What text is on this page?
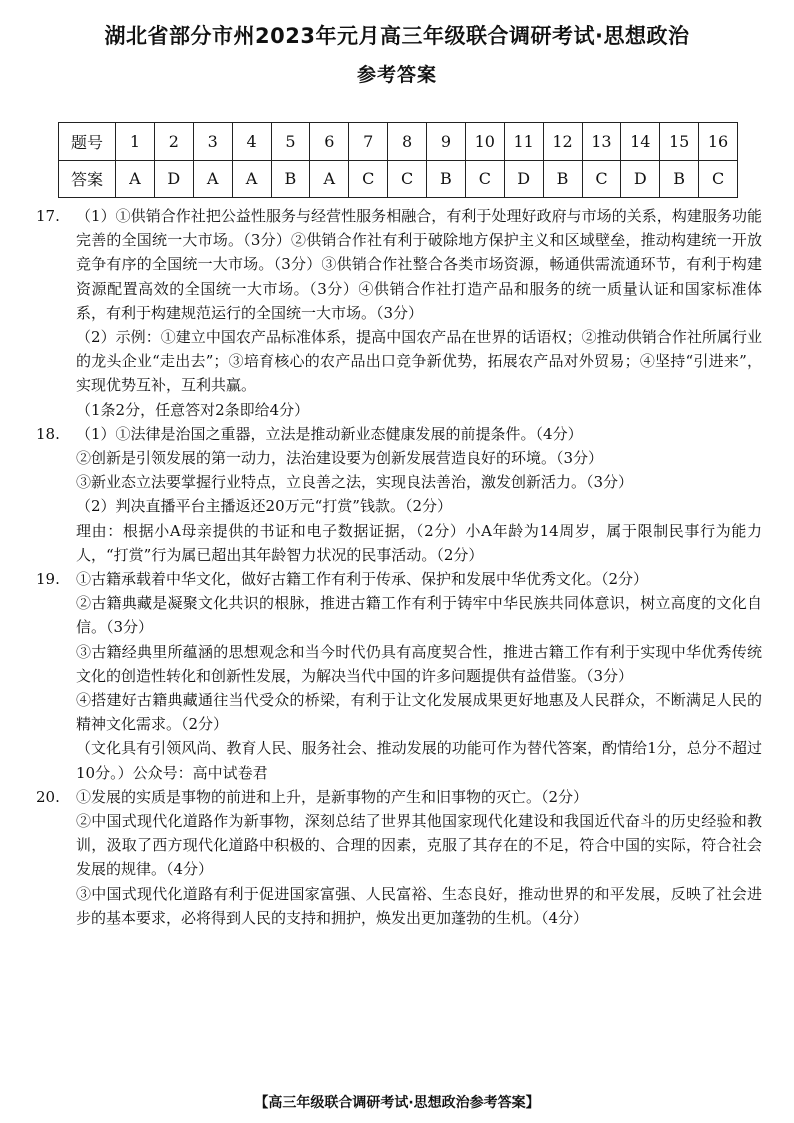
湖北省部分市州2023年元月高三年级联合调研考试·思想政治
参考答案
题号	1	2	3	4	5	6	7	8	9	10	11	12	13	14	15	16
答案	A	D	A	A	B	A	C	C	B	C	D	B	C	D	B	C
17.	（1）①供销合作社把公益性服务与经营性服务相融合，有利于处理好政府与市场的关系，构建服务功能完善的全国统一大市场。（3分）②供销合作社有利于破除地方保护主义和区域壁垒，推动构建统一开放竞争有序的全国统一大市场。（3分）③供销合作社整合各类市场资源，畅通供需流通环节，有利于构建资源配置高效的全国统一大市场。（3分）④供销合作社打造产品和服务的统一质量认证和国家标准体系，有利于构建规范运行的全国统一大市场。（3分）

（2）示例：①建立中国农产品标准体系，提高中国农产品在世界的话语权；②推动供销合作社所属行业的龙头企业“走出去”；③培育核心的农产品出口竞争新优势，拓展农产品对外贸易；④坚持“引进来”，实现优势互补，互利共赢。

（1条2分，任意答对2条即给4分）

18.	（1）①法律是治国之重器，立法是推动新业态健康发展的前提条件。（4分）

②创新是引领发展的第一动力，法治建设要为创新发展营造良好的环境。（3分）

③新业态立法要掌握行业特点，立良善之法，实现良法善治，激发创新活力。（3分）

（2）判决直播平台主播返还20万元“打赏”钱款。（2分）

理由：根据小A母亲提供的书证和电子数据证据，（2分）小A年龄为14周岁，属于限制民事行为能力人，“打赏”行为属已超出其年龄智力状况的民事活动。（2分）

19.	①古籍承载着中华文化，做好古籍工作有利于传承、保护和发展中华优秀文化。（2分）

②古籍典藏是凝聚文化共识的根脉，推进古籍工作有利于铸牢中华民族共同体意识，树立高度的文化自信。（3分）

③古籍经典里所蕴涵的思想观念和当今时代仍具有高度契合性，推进古籍工作有利于实现中华优秀传统文化的创造性转化和创新性发展，为解决当代中国的许多问题提供有益借鉴。（3分）

④搭建好古籍典藏通往当代受众的桥梁，有利于让文化发展成果更好地惠及人民群众，不断满足人民的精神文化需求。（2分）

（文化具有引领风尚、教育人民、服务社会、推动发展的功能可作为替代答案，酌情给1分，总分不超过10分。）公众号：高中试卷君

20.	①发展的实质是事物的前进和上升，是新事物的产生和旧事物的灭亡。（2分）

②中国式现代化道路作为新事物，深刻总结了世界其他国家现代化建设和我国近代奋斗的历史经验和教训，汲取了西方现代化道路中积极的、合理的因素，克服了其存在的不足，符合中国的实际，符合社会发展的规律。（4分）

③中国式现代化道路有利于促进国家富强、人民富裕、生态良好，推动世界的和平发展，反映了社会进步的基本要求，必将得到人民的支持和拥护，焕发出更加蓬勃的生机。（4分）

【高三年级联合调研考试·思想政治参考答案】
